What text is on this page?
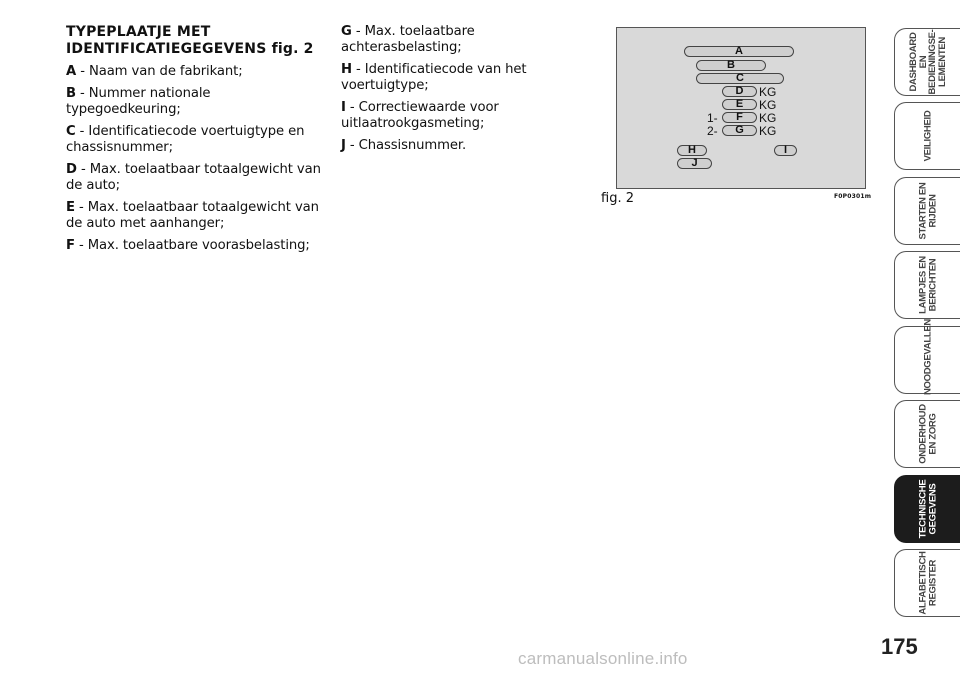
TYPEPLAATJE MET IDENTIFICATIEGEGEVENS fig. 2

A - Naam van de fabrikant;

B - Nummer nationale typegoedkeuring;

C - Identificatiecode voertuigtype en chassisnummer;

D - Max. toelaatbaar totaalgewicht van de auto;

E - Max. toelaatbaar totaalgewicht van de auto met aanhanger;

F - Max. toelaatbare voorasbelasting;

G - Max. toelaatbare achterasbelasting;

H - Identificatiecode van het voertuigtype;

I - Correctiewaarde voor uitlaatrookgasmeting;

J - Chassisnummer.

A
B
C
D	KG
E	KG
1-	F	KG
2-	G	KG
H	I
J
fig. 2	F0P0301m
DASHBOARD EN
BEDIENINGSE-
LEMENTEN
VEILIGHEID
STARTEN EN
RIJDEN
LAMPJES EN
BERICHTEN
NOODGEVALLEN
ONDERHOUD
EN ZORG
TECHNISCHE
GEGEVENS
ALFABETISCH
REGISTER
175
carmanualsonline.info
